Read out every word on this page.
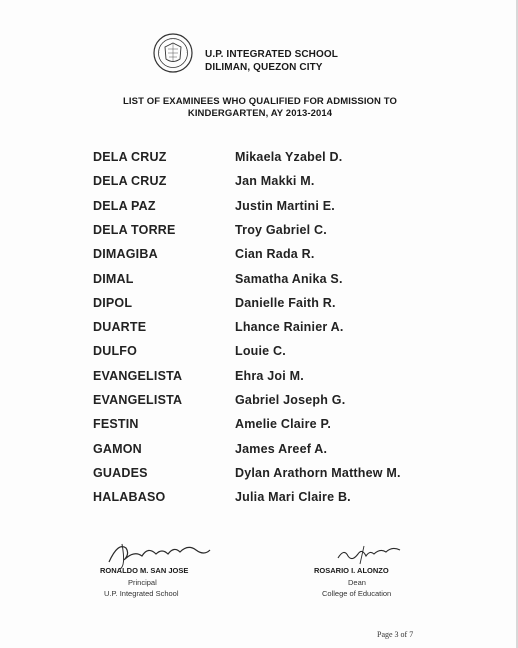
U.P. INTEGRATED SCHOOL
DILIMAN, QUEZON CITY
LIST OF EXAMINEES WHO QUALIFIED FOR ADMISSION TO
KINDERGARTEN, AY 2013-2014
DELA CRUZ	Mikaela Yzabel D.
DELA CRUZ	Jan Makki M.
DELA PAZ	Justin Martini E.
DELA TORRE	Troy Gabriel C.
DIMAGIBA	Cian Rada R.
DIMAL	Samatha Anika S.
DIPOL	Danielle Faith R.
DUARTE	Lhance Rainier A.
DULFO	Louie C.
EVANGELISTA	Ehra Joi M.
EVANGELISTA	Gabriel Joseph G.
FESTIN	Amelie Claire P.
GAMON	James Areef A.
GUADES	Dylan Arathorn Matthew M.
HALABASO	Julia Mari Claire B.
RONALDO M. SAN JOSE
Principal
U.P. Integrated School
ROSARIO I. ALONZO
Dean
College of Education
Page 3 of 7
